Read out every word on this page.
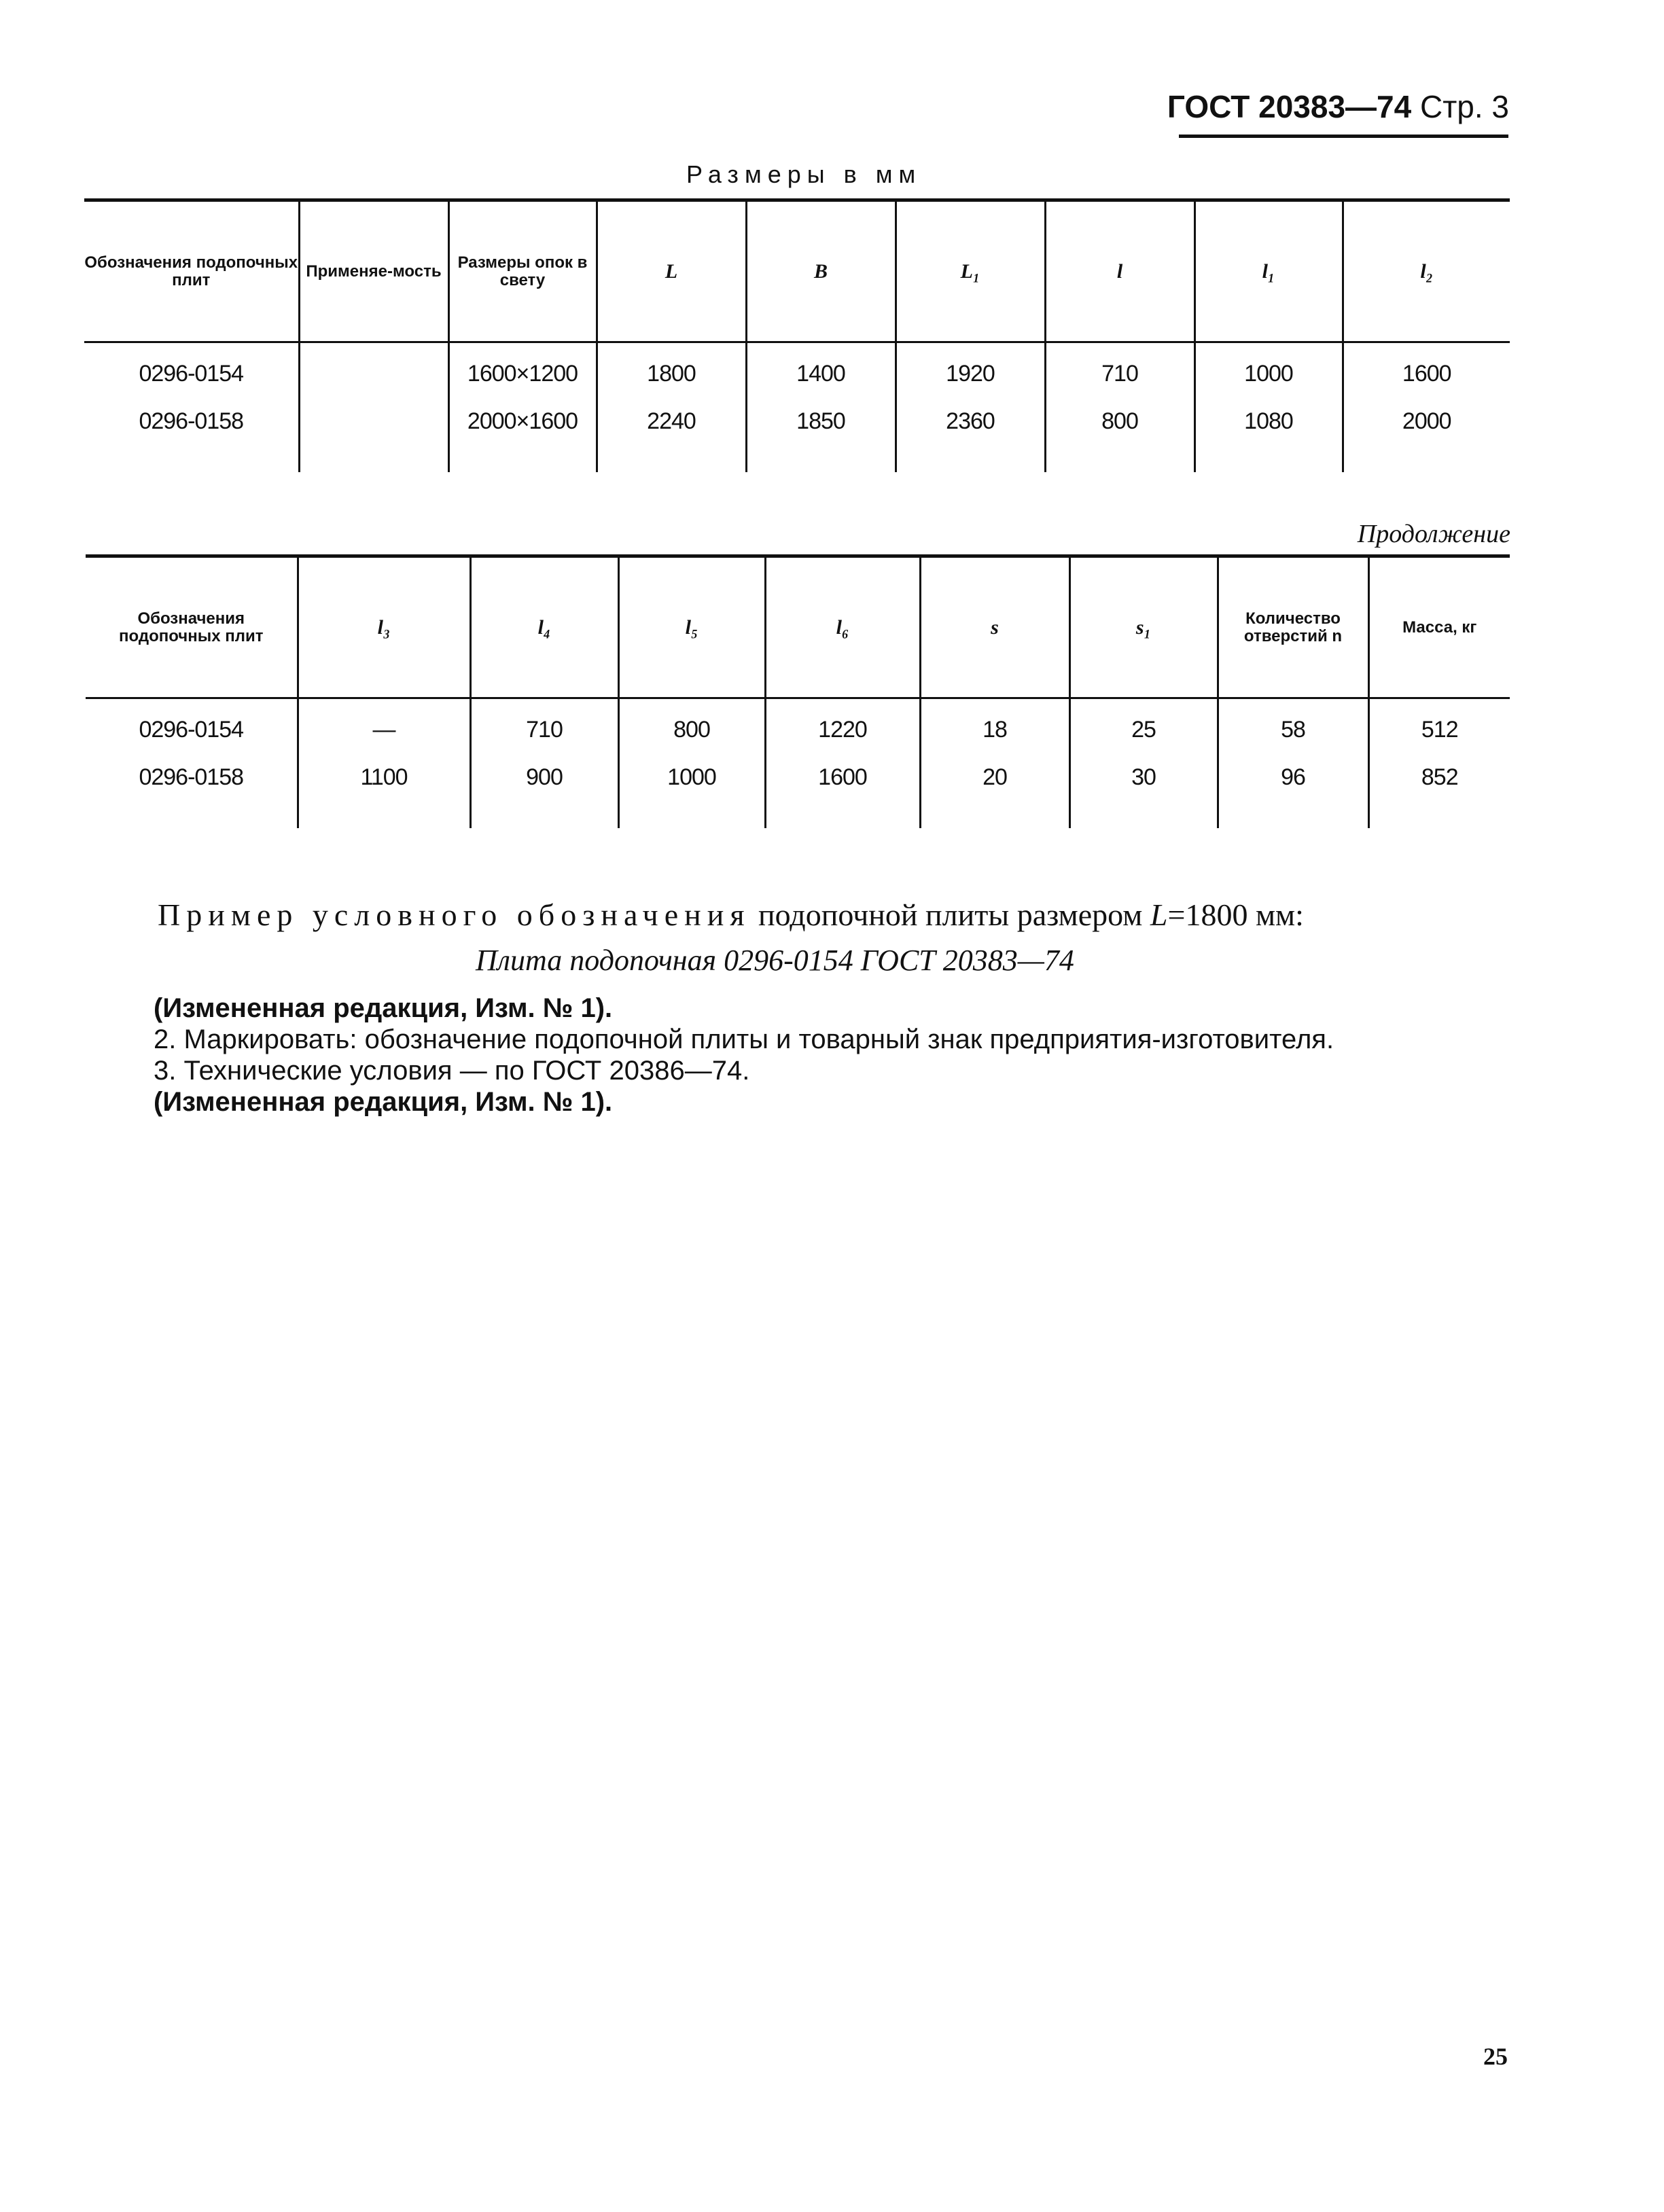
ГОСТ 20383—74 Стр. 3
Размеры в мм
Обозначения подопочных плит	Применяе-мость	Размеры опок в свету	L	B	L₁	l	l₁	l₂

0296-0154		1600×1200	1800	1400	1920	710	1000	1600
0296-0158		2000×1600	2240	1850	2360	800	1080	2000

Продолжение
Обозначения подопочных плит	l₃	l₄	l₅	l₆	s	s₁	Количество отверстий n	Масса, кг

0296-0154	—	710	800	1220	18	25	58	512
0296-0158	1100	900	1000	1600	20	30	96	852

Пример условного обозначения подопочной плиты размером L=1800 мм:
Плита подопочная 0296-0154 ГОСТ 20383—74
(Измененная редакция, Изм. № 1).
2. Маркировать: обозначение подопочной плиты и товарный знак предприятия-изготовителя.
3. Технические условия — по ГОСТ 20386—74.
(Измененная редакция, Изм. № 1).
25
